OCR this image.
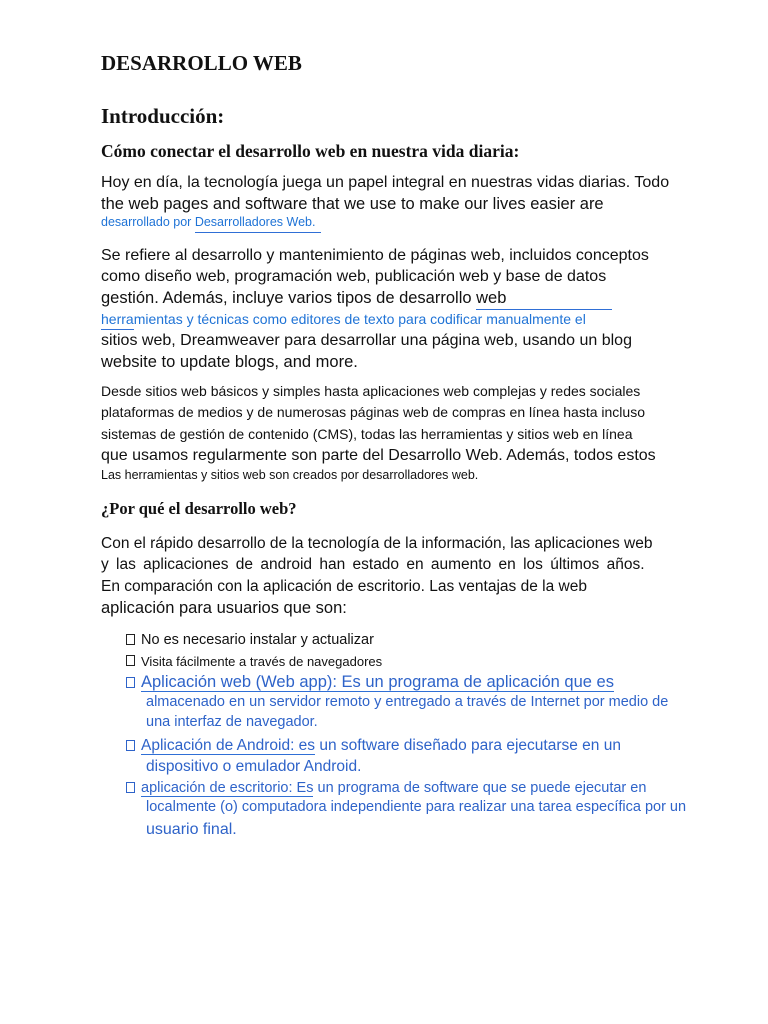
DESARROLLO WEB
Introducción:
Cómo conectar el desarrollo web en nuestra vida diaria:
Hoy en día, la tecnología juega un papel integral en nuestras vidas diarias. Todo
the web pages and software that we use to make our lives easier are
desarrollado por Desarrolladores Web.
Se refiere al desarrollo y mantenimiento de páginas web, incluidos conceptos
como diseño web, programación web, publicación web y base de datos
gestión. Además, incluye varios tipos de desarrollo web
herramientas y técnicas como editores de texto para codificar manualmente el
sitios web, Dreamweaver para desarrollar una página web, usando un blog
website to update blogs, and more.
Desde sitios web básicos y simples hasta aplicaciones web complejas y redes sociales
plataformas de medios y de numerosas páginas web de compras en línea hasta incluso
sistemas de gestión de contenido (CMS), todas las herramientas y sitios web en línea
que usamos regularmente son parte del Desarrollo Web. Además, todos estos
Las herramientas y sitios web son creados por desarrolladores web.
¿Por qué el desarrollo web?
Con el rápido desarrollo de la tecnología de la información, las aplicaciones web
y las aplicaciones de android han estado en aumento en los últimos años.
En comparación con la aplicación de escritorio. Las ventajas de la web
aplicación para usuarios que son:
No es necesario instalar y actualizar
Visita fácilmente a través de navegadores
Aplicación web (Web app): Es un programa de aplicación que es
almacenado en un servidor remoto y entregado a través de Internet por medio de
una interfaz de navegador.
Aplicación de Android: es un software diseñado para ejecutarse en un
dispositivo o emulador Android.
aplicación de escritorio: Es un programa de software que se puede ejecutar en
localmente (o) computadora independiente para realizar una tarea específica por un
usuario final.
